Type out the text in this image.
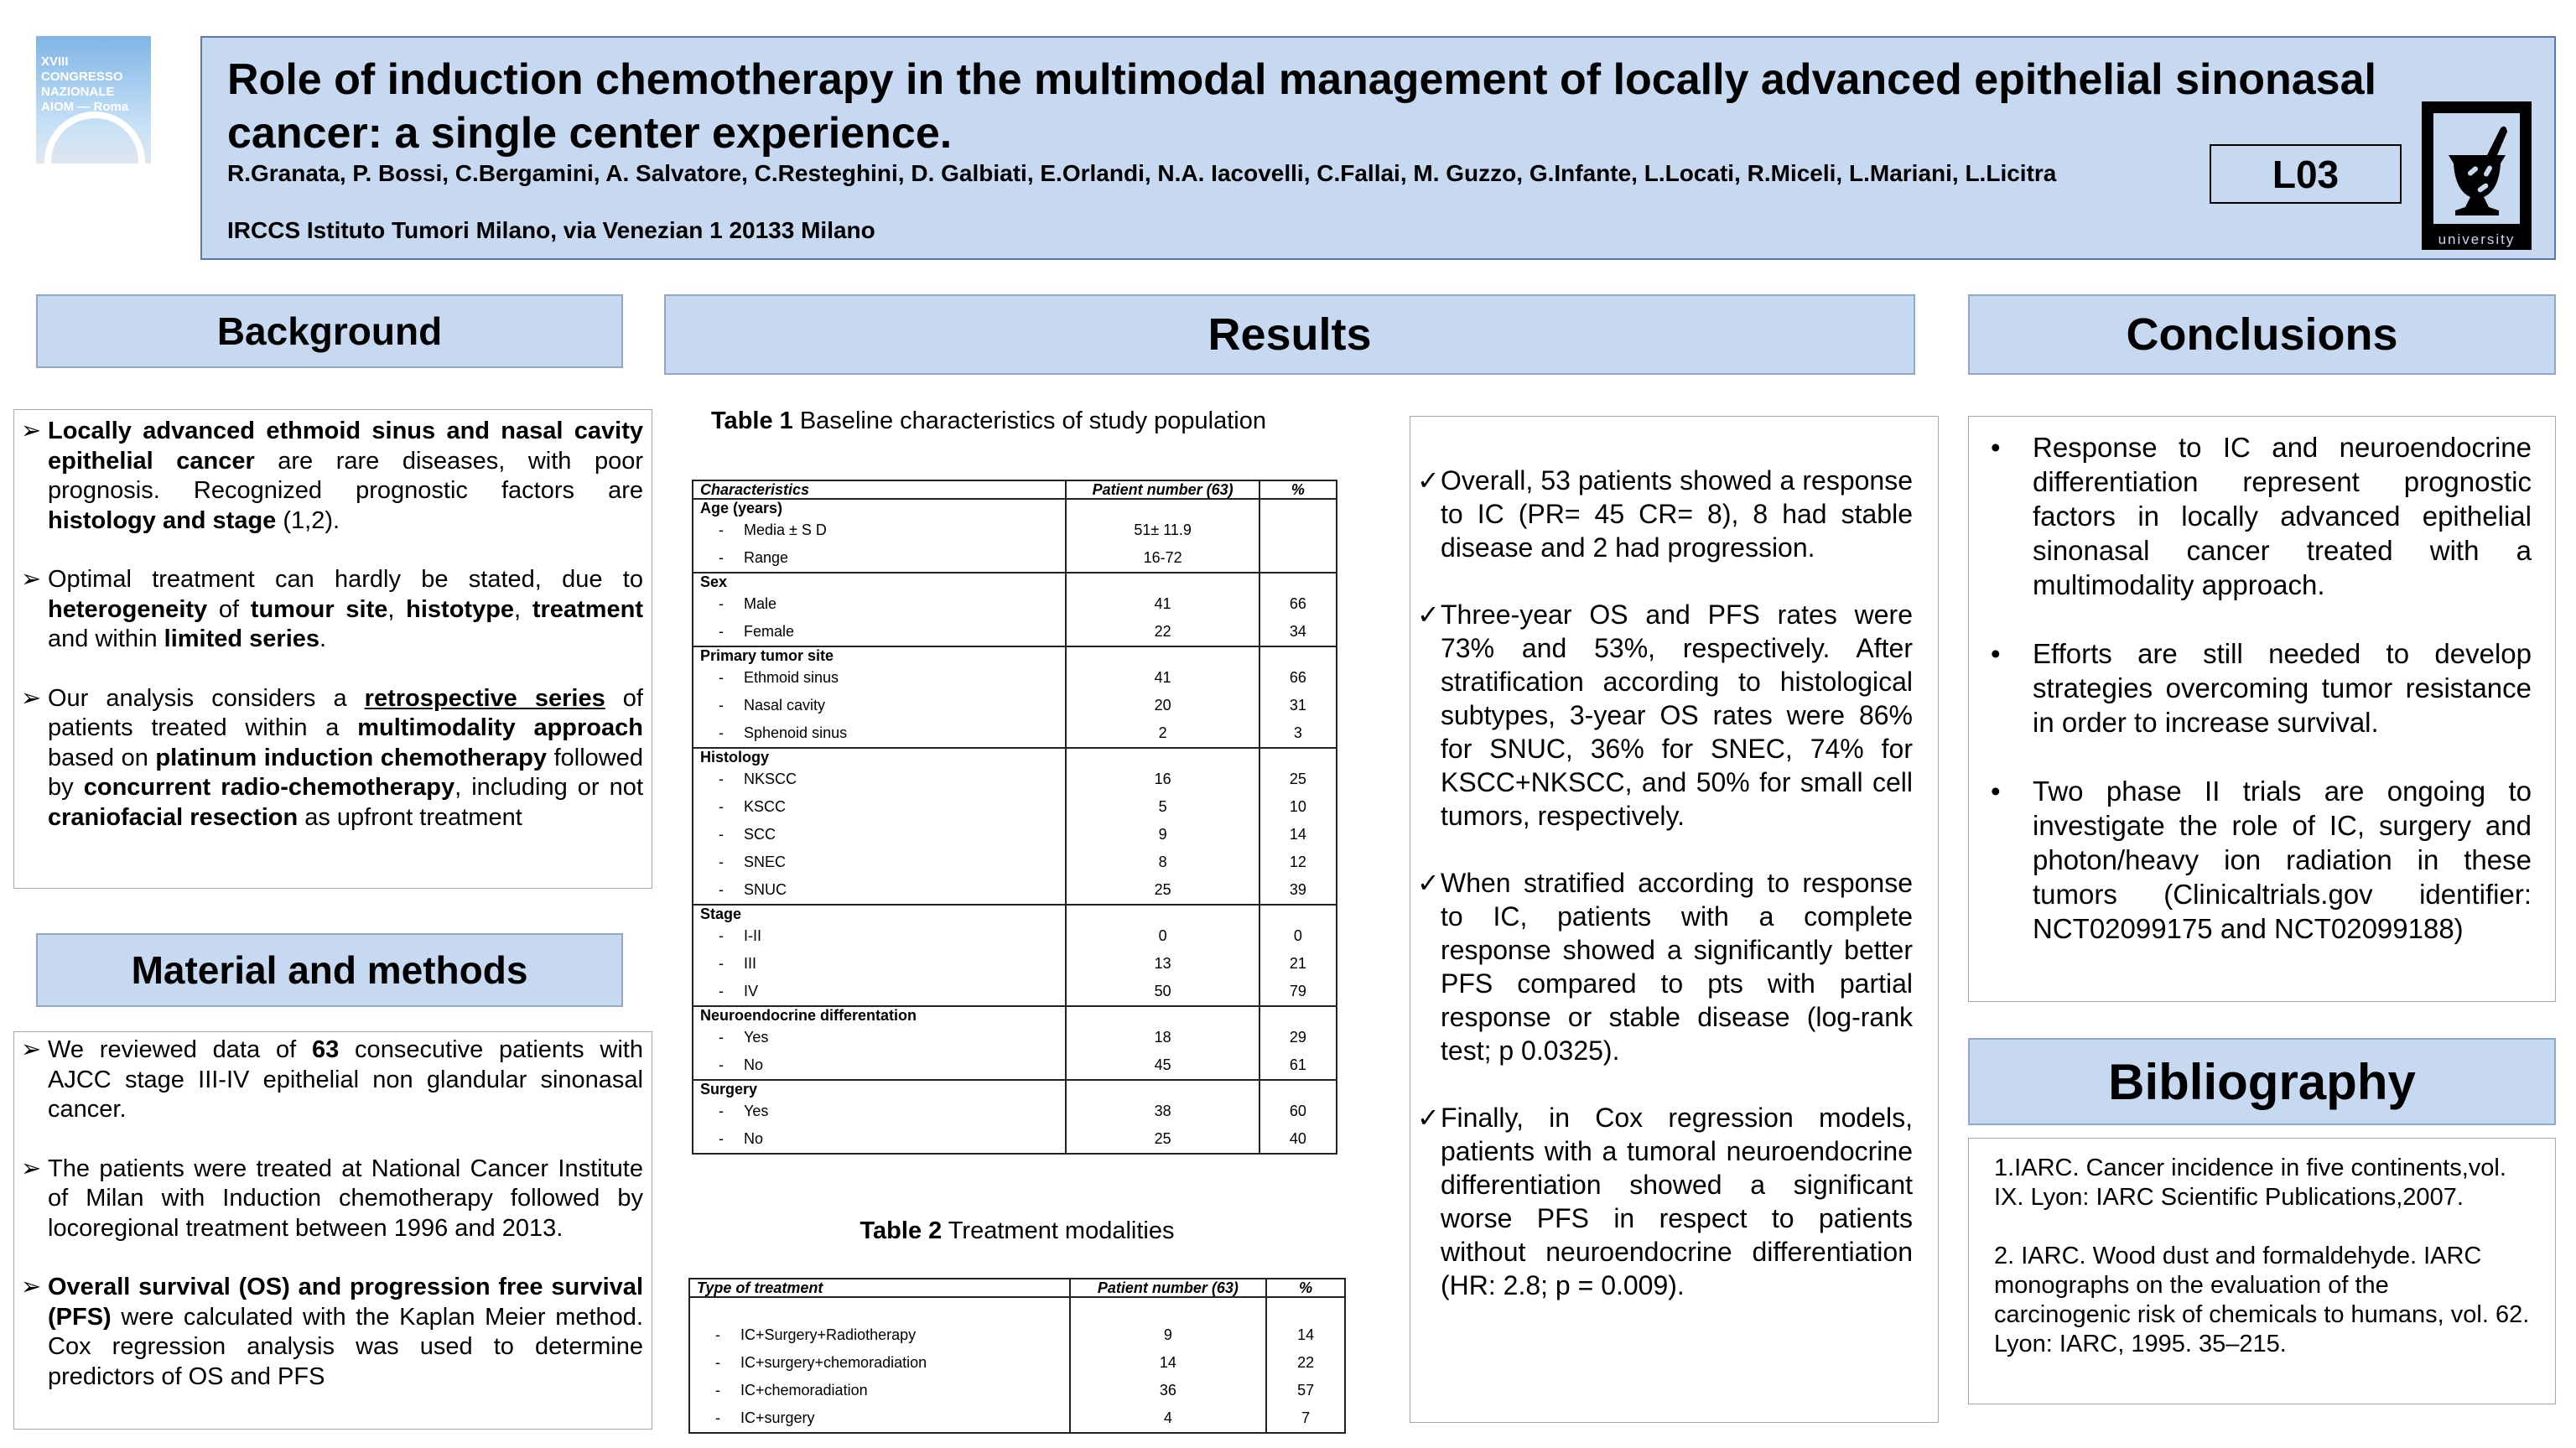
XVIII CONGRESSO NAZIONALE AIOM — Roma
Role of induction chemotherapy in the multimodal management of locally advanced epithelial sinonasal cancer: a single center experience.
R.Granata, P. Bossi, C.Bergamini, A. Salvatore, C.Resteghini, D. Galbiati, E.Orlandi, N.A. Iacovelli, C.Fallai, M. Guzzo, G.Infante, L.Locati, R.Miceli, L.Mariani, L.Licitra
IRCCS Istituto Tumori Milano, via Venezian 1 20133 Milano
L03
university
Background
➢ Locally advanced ethmoid sinus and nasal cavity epithelial cancer are rare diseases, with poor prognosis. Recognized prognostic factors are histology and stage (1,2).
➢ Optimal treatment can hardly be stated, due to heterogeneity of tumour site, histotype, treatment and within limited series.
➢ Our analysis considers a retrospective series of patients treated within a multimodality approach based on platinum induction chemotherapy followed by concurrent radio-chemotherapy, including or not craniofacial resection as upfront treatment
Material and methods
➢ We reviewed data of 63 consecutive patients with AJCC stage III-IV epithelial non glandular sinonasal cancer.
➢ The patients were treated at National Cancer Institute of Milan with Induction chemotherapy followed by locoregional treatment between 1996 and 2013.
➢ Overall survival (OS) and progression free survival (PFS) were calculated with the Kaplan Meier method. Cox regression analysis was used to determine predictors of OS and PFS
Results
Table 1 Baseline characteristics of study population
Characteristics	Patient number (63)	%
Age (years)		
- Media ± S D	51± 11.9	
- Range	16-72	
Sex		
- Male	41	66
- Female	22	34
Primary tumor site		
- Ethmoid sinus	41	66
- Nasal cavity	20	31
- Sphenoid sinus	2	3
Histology		
- NKSCC	16	25
- KSCC	5	10
- SCC	9	14
- SNEC	8	12
- SNUC	25	39
Stage		
- I-II	0	0
- III	13	21
- IV	50	79
Neuroendocrine differentation		
- Yes	18	29
- No	45	61
Surgery		
- Yes	38	60
- No	25	40
Table 2 Treatment modalities
Type of treatment	Patient number (63)	%

- IC+Surgery+Radiotherapy	9	14
- IC+surgery+chemoradiation	14	22
- IC+chemoradiation	36	57
- IC+surgery	4	7
✓ Overall, 53 patients showed a response to IC (PR= 45 CR= 8), 8 had stable disease and 2 had progression.
✓ Three-year OS and PFS rates were 73% and 53%, respectively. After stratification according to histological subtypes, 3-year OS rates were 86% for SNUC, 36% for SNEC, 74% for KSCC+NKSCC, and 50% for small cell tumors, respectively.
✓ When stratified according to response to IC, patients with a complete response showed a significantly better PFS compared to pts with partial response or stable disease (log-rank test; p 0.0325).
✓ Finally, in Cox regression models, patients with a tumoral neuroendocrine differentiation showed a significant worse PFS in respect to patients without neuroendocrine differentiation (HR: 2.8; p = 0.009).
Conclusions
• Response to IC and neuroendocrine differentiation represent prognostic factors in locally advanced epithelial sinonasal cancer treated with a multimodality approach.
• Efforts are still needed to develop strategies overcoming tumor resistance in order to increase survival.
• Two phase II trials are ongoing to investigate the role of IC, surgery and photon/heavy ion radiation in these tumors (Clinicaltrials.gov identifier: NCT02099175 and NCT02099188)
Bibliography
1.IARC. Cancer incidence in five continents,vol. IX. Lyon: IARC Scientific Publications,2007.
2. IARC. Wood dust and formaldehyde. IARC monographs on the evaluation of the carcinogenic risk of chemicals to humans, vol. 62. Lyon: IARC, 1995. 35–215.
